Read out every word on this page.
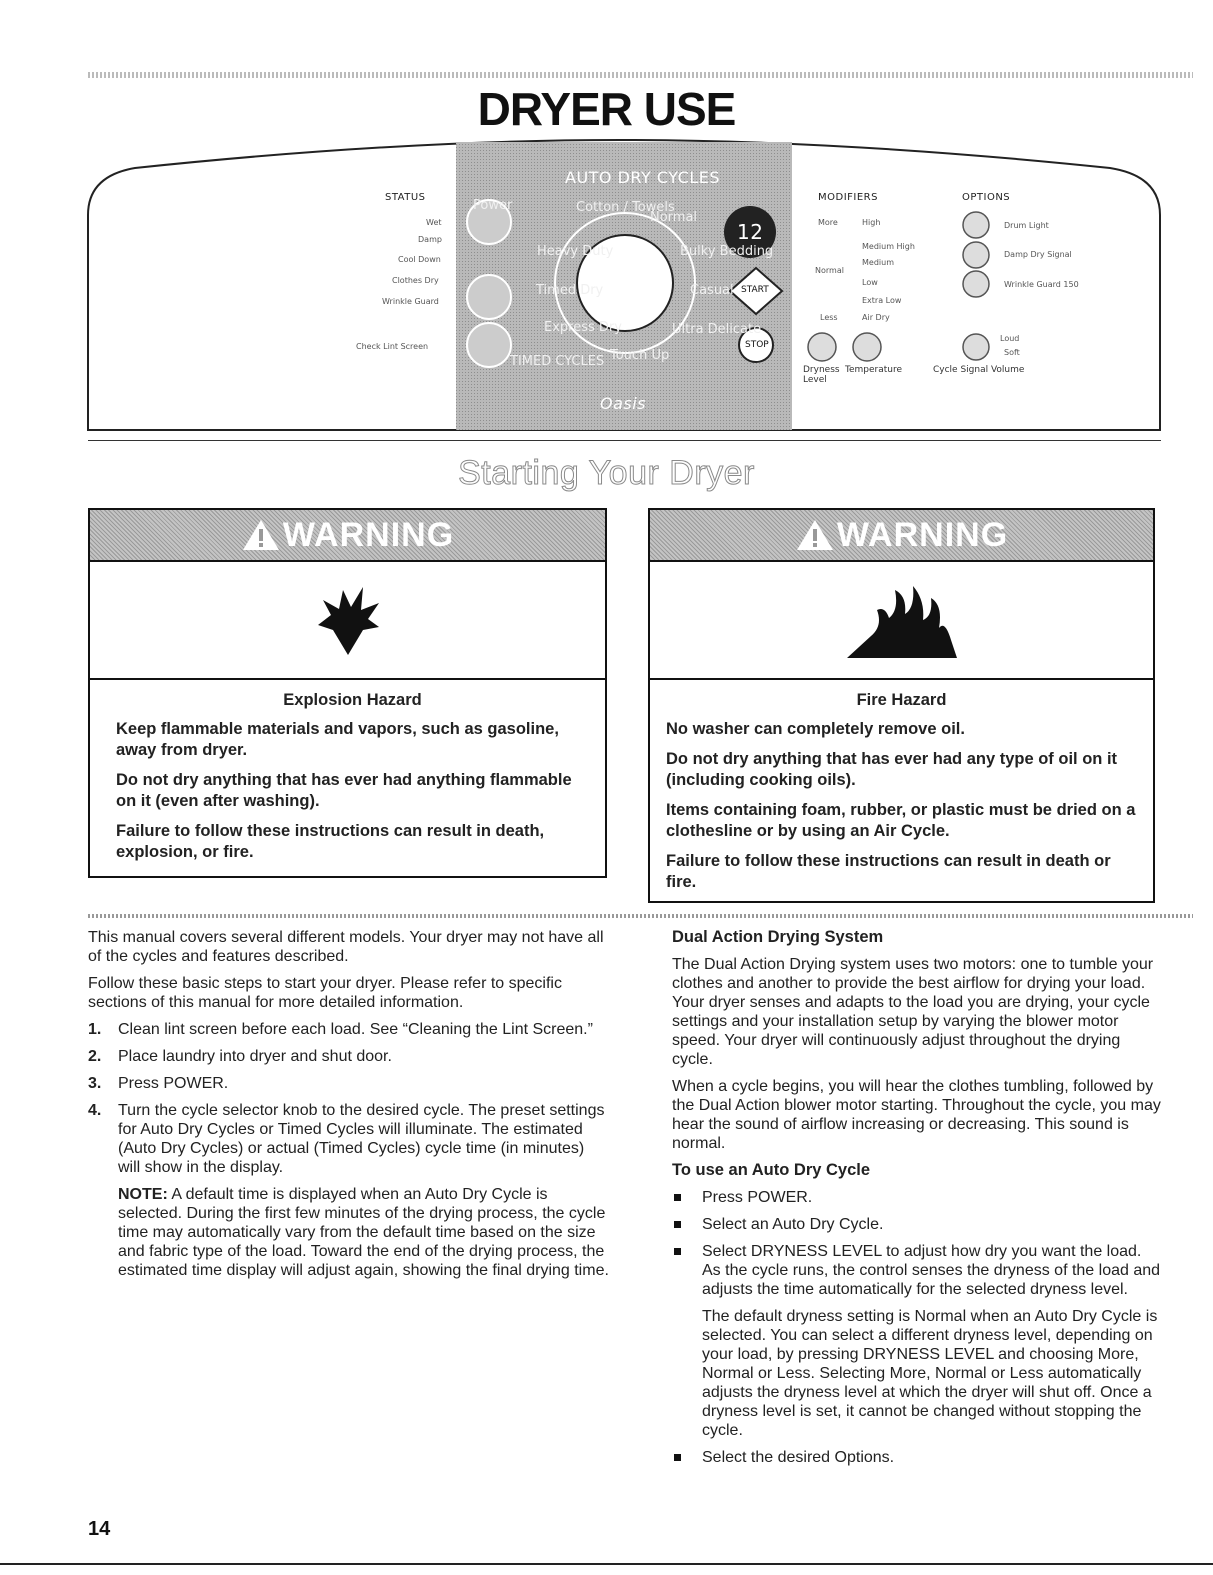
DRYER USE
STATUS
Wet
Damp
Cool Down
Clothes Dry
Wrinkle Guard
Check Lint Screen
AUTO DRY CYCLES
Power	Cotton / Towels
Normal
Heavy Duty	Bulky Bedding
Casual
Timed Dry
Express Dry
Touch Up
Ultra Delicate
TIMED CYCLES
12
START
STOP
Oasis
MODIFIERS
More
Normal
Less
High
Medium High
Medium
Low
Extra Low
Air Dry
Dryness Level
Temperature
OPTIONS
Drum Light
Damp Dry Signal
Wrinkle Guard 150
Loud
Soft
Cycle Signal Volume
Starting Your Dryer
WARNING
Explosion Hazard

Keep flammable materials and vapors, such as gasoline, away from dryer.

Do not dry anything that has ever had anything flammable on it (even after washing).

Failure to follow these instructions can result in death, explosion, or fire.

WARNING
Fire Hazard

No washer can completely remove oil.

Do not dry anything that has ever had any type of oil on it (including cooking oils).

Items containing foam, rubber, or plastic must be dried on a clothesline or by using an Air Cycle.

Failure to follow these instructions can result in death or fire.

This manual covers several different models. Your dryer may not have all of the cycles and features described.

Follow these basic steps to start your dryer. Please refer to specific sections of this manual for more detailed information.

1. Clean lint screen before each load. See “Cleaning the Lint Screen.”
2. Place laundry into dryer and shut door.
3. Press POWER.
4. Turn the cycle selector knob to the desired cycle. The preset settings for Auto Dry Cycles or Timed Cycles will illuminate. The estimated (Auto Dry Cycles) or actual (Timed Cycles) cycle time (in minutes) will show in the display.
NOTE: A default time is displayed when an Auto Dry Cycle is selected. During the first few minutes of the drying process, the cycle time may automatically vary from the default time based on the size and fabric type of the load. Toward the end of the drying process, the estimated time display will adjust again, showing the final drying time.
Dual Action Drying System

The Dual Action Drying system uses two motors: one to tumble your clothes and another to provide the best airflow for drying your load. Your dryer senses and adapts to the load you are drying, your cycle settings and your installation setup by varying the blower motor speed. Your dryer will continuously adjust throughout the drying cycle.

When a cycle begins, you will hear the clothes tumbling, followed by the Dual Action blower motor starting. Throughout the cycle, you may hear the sound of airflow increasing or decreasing. This sound is normal.

To use an Auto Dry Cycle
Press POWER.
Select an Auto Dry Cycle.
Select DRYNESS LEVEL to adjust how dry you want the load. As the cycle runs, the control senses the dryness of the load and adjusts the time automatically for the selected dryness level.
The default dryness setting is Normal when an Auto Dry Cycle is selected. You can select a different dryness level, depending on your load, by pressing DRYNESS LEVEL and choosing More, Normal or Less. Selecting More, Normal or Less automatically adjusts the dryness level at which the dryer will shut off. Once a dryness level is set, it cannot be changed without stopping the cycle.
Select the desired Options.
14
